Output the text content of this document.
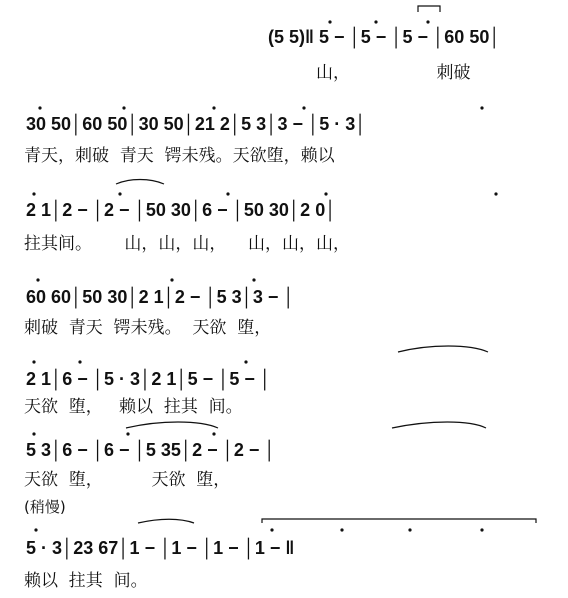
(5 5)‖ 5 − │5 − │5 − │60 50│
山，                刺破
30 50│60 50│30 50│21 2│5 3│3 − │5 · 3│
青天，刺破  青天  锷未残。天欲堕，赖以
2 1│2 − │2 − │50 30│6 − │50 30│2 0│
拄其间。      山，山，山，    山，山，山，
60 60│50 30│2 1│2 − │5 3│3 − │
刺破  青天  锷未残。  天欲  堕，
2 1│6 − │5 · 3│2 1│5 − │5 − │
天欲  堕，   赖以  拄其  间。
5 3│6 − │6 − │5 35│2 − │2 − │
天欲  堕，         天欲  堕，
(稍慢)
5 · 3│23 67│1 − │1 − │1 − │1 − ‖
赖以  拄其  间。
